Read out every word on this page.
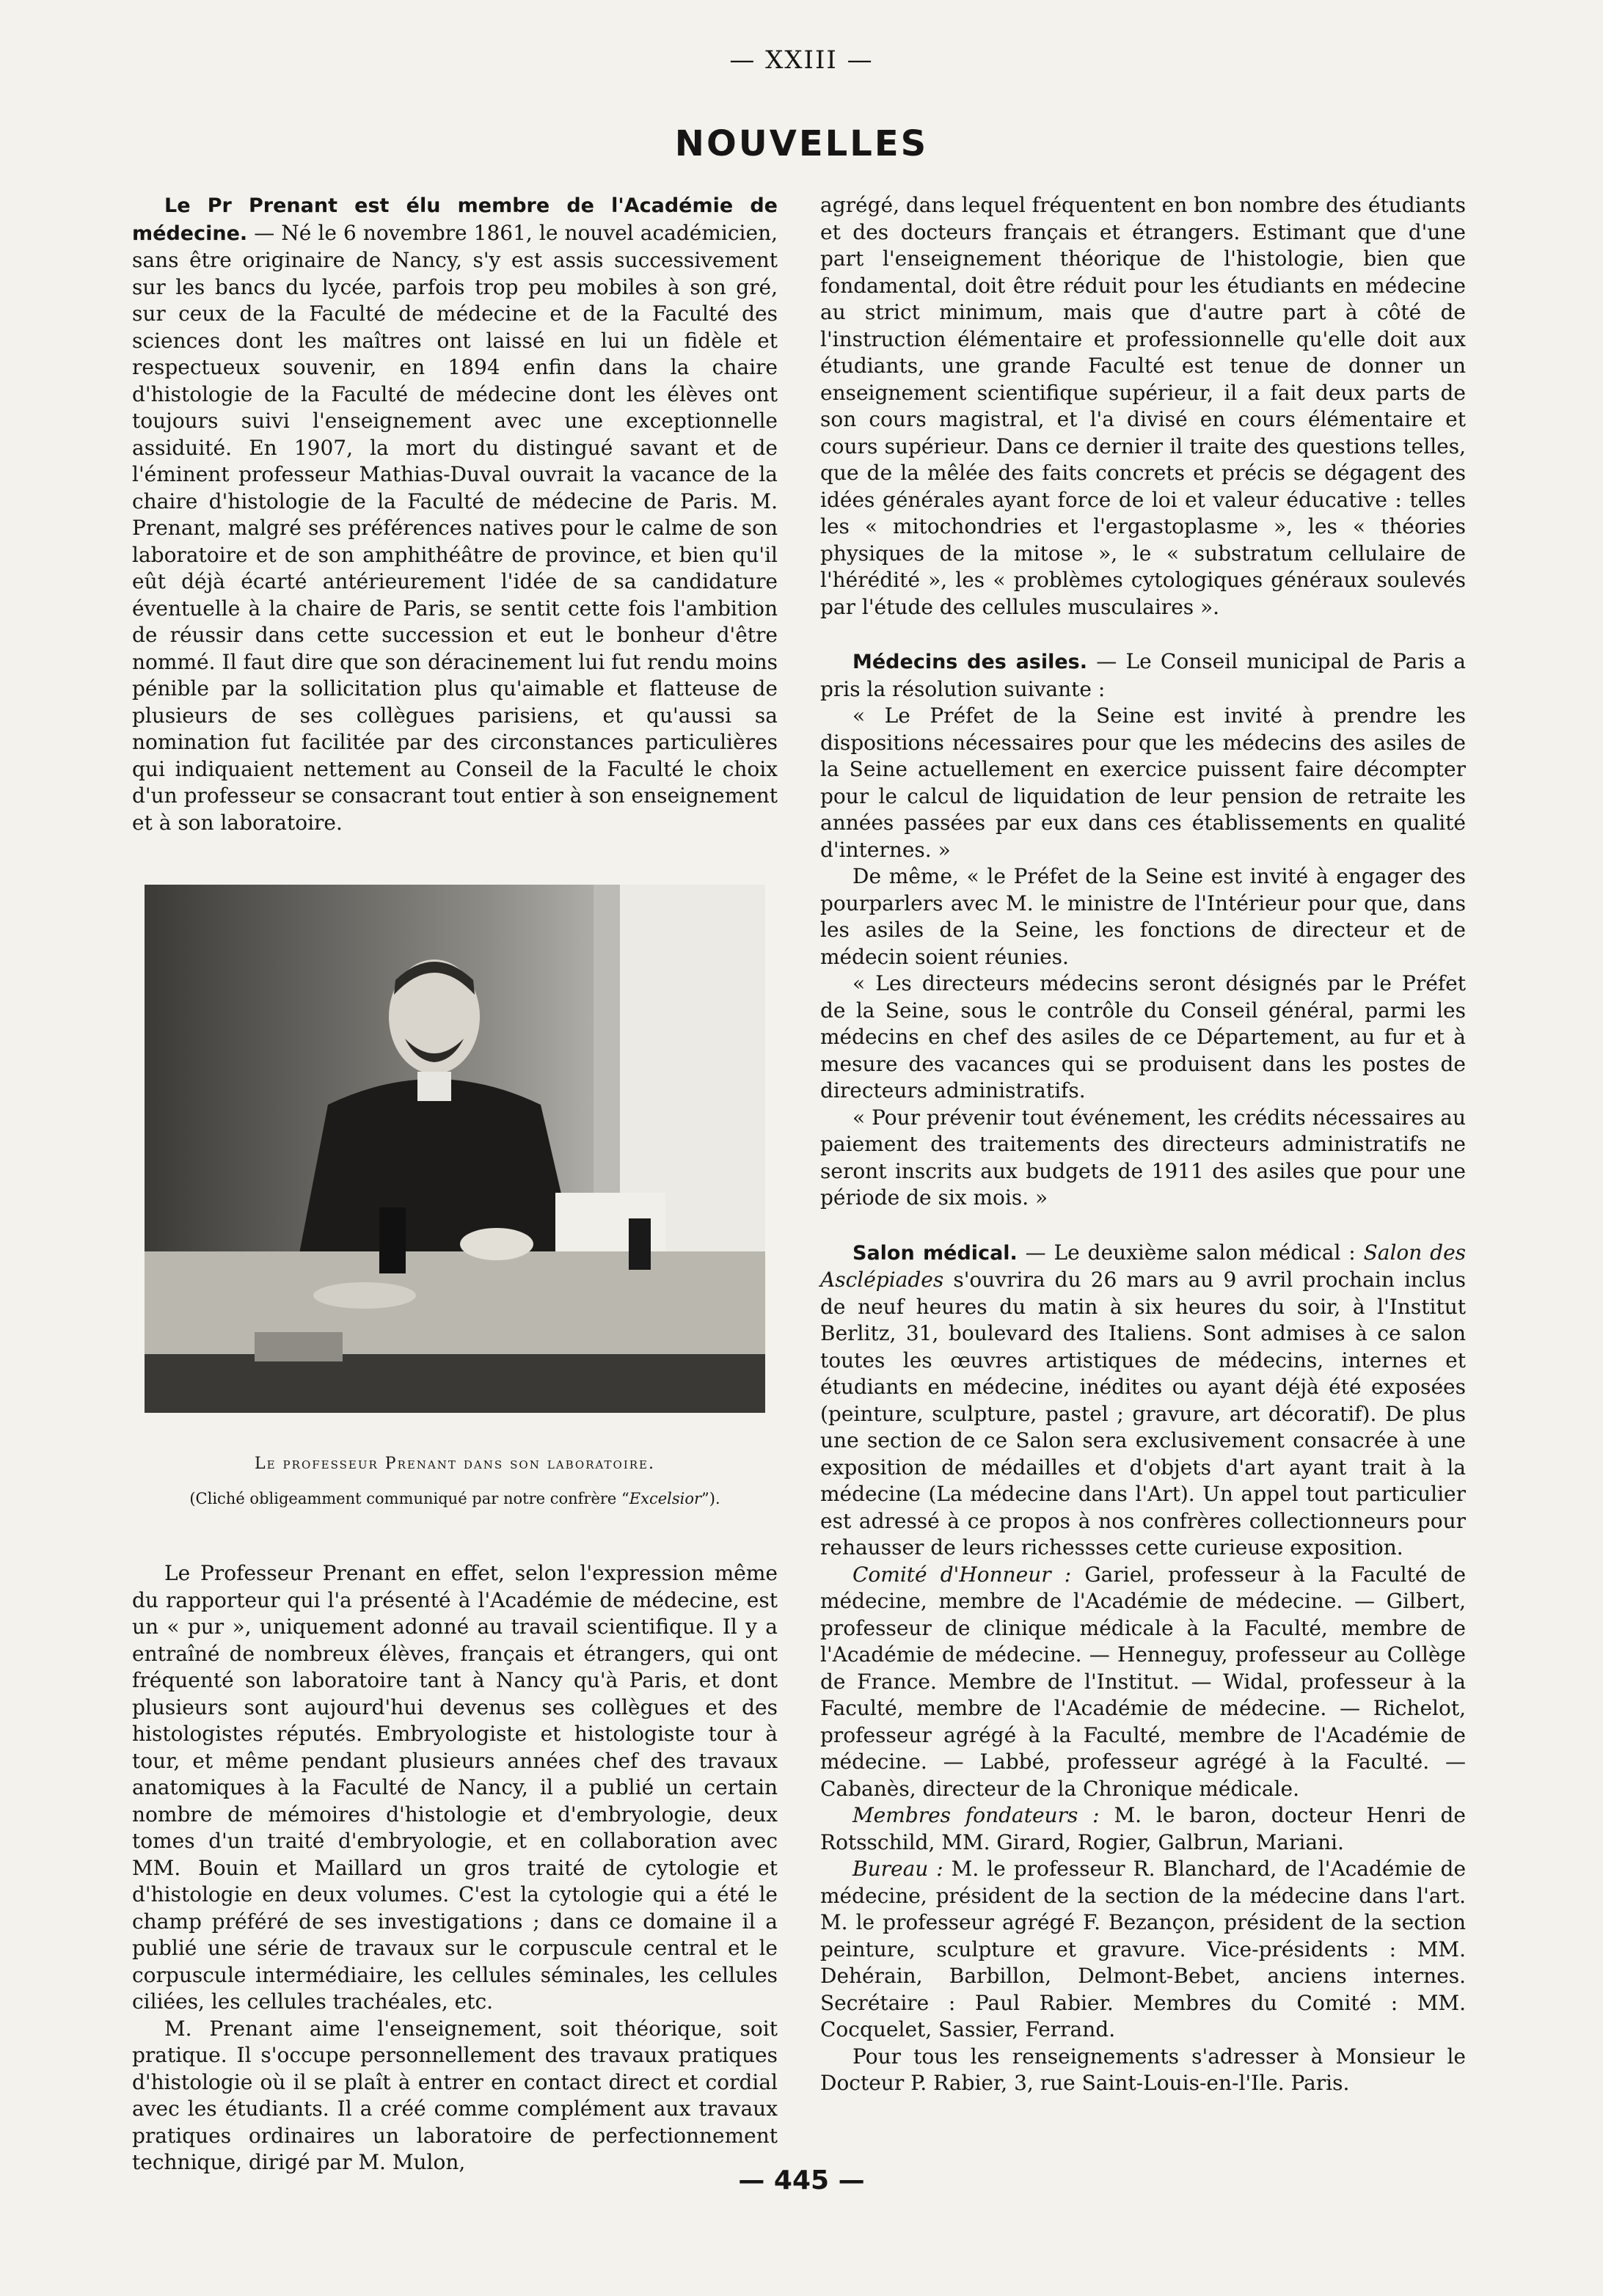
— XXIII —
NOUVELLES

Le Pr Prenant est élu membre de l'Académie de médecine. — Né le 6 novembre 1861, le nouvel académicien, sans être originaire de Nancy, s'y est assis successivement sur les bancs du lycée, parfois trop peu mobiles à son gré, sur ceux de la Faculté de médecine et de la Faculté des sciences dont les maîtres ont laissé en lui un fidèle et respectueux souvenir, en 1894 enfin dans la chaire d'histologie de la Faculté de médecine dont les élèves ont toujours suivi l'enseignement avec une exceptionnelle assiduité. En 1907, la mort du distingué savant et de l'éminent professeur Mathias-Duval ouvrait la vacance de la chaire d'histologie de la Faculté de médecine de Paris. M. Prenant, malgré ses préférences natives pour le calme de son laboratoire et de son amphithéâtre de province, et bien qu'il eût déjà écarté antérieurement l'idée de sa candidature éventuelle à la chaire de Paris, se sentit cette fois l'ambition de réussir dans cette succession et eut le bonheur d'être nommé. Il faut dire que son déracinement lui fut rendu moins pénible par la sollicitation plus qu'aimable et flatteuse de plusieurs de ses collègues parisiens, et qu'aussi sa nomination fut facilitée par des circonstances particulières qui indiquaient nettement au Conseil de la Faculté le choix d'un professeur se consacrant tout entier à son enseignement et à son laboratoire.

Le professeur Prenant dans son laboratoire.
(Cliché obligeamment communiqué par notre confrère “Excelsior”).

Le Professeur Prenant en effet, selon l'expression même du rapporteur qui l'a présenté à l'Académie de médecine, est un « pur », uniquement adonné au travail scientifique. Il y a entraîné de nombreux élèves, français et étrangers, qui ont fréquenté son laboratoire tant à Nancy qu'à Paris, et dont plusieurs sont aujourd'hui devenus ses collègues et des histologistes réputés. Embryologiste et histologiste tour à tour, et même pendant plusieurs années chef des travaux anatomiques à la Faculté de Nancy, il a publié un certain nombre de mémoires d'histologie et d'embryologie, deux tomes d'un traité d'embryologie, et en collaboration avec MM. Bouin et Maillard un gros traité de cytologie et d'histologie en deux volumes. C'est la cytologie qui a été le champ préféré de ses investigations ; dans ce domaine il a publié une série de travaux sur le corpuscule central et le corpuscule intermédiaire, les cellules séminales, les cellules ciliées, les cellules trachéales, etc.

M. Prenant aime l'enseignement, soit théorique, soit pratique. Il s'occupe personnellement des travaux pratiques d'histologie où il se plaît à entrer en contact direct et cordial avec les étudiants. Il a créé comme complément aux travaux pratiques ordinaires un laboratoire de perfectionnement technique, dirigé par M. Mulon,

agrégé, dans lequel fréquentent en bon nombre des étudiants et des docteurs français et étrangers. Estimant que d'une part l'enseignement théorique de l'histologie, bien que fondamental, doit être réduit pour les étudiants en médecine au strict minimum, mais que d'autre part à côté de l'instruction élémentaire et professionnelle qu'elle doit aux étudiants, une grande Faculté est tenue de donner un enseignement scientifique supérieur, il a fait deux parts de son cours magistral, et l'a divisé en cours élémentaire et cours supérieur. Dans ce dernier il traite des questions telles, que de la mêlée des faits concrets et précis se dégagent des idées générales ayant force de loi et valeur éducative : telles les « mitochondries et l'ergastoplasme », les « théories physiques de la mitose », le « substratum cellulaire de l'hérédité », les « problèmes cytologiques généraux soulevés par l'étude des cellules musculaires ».

Médecins des asiles. — Le Conseil municipal de Paris a pris la résolution suivante :

« Le Préfet de la Seine est invité à prendre les dispositions nécessaires pour que les médecins des asiles de la Seine actuellement en exercice puissent faire décompter pour le calcul de liquidation de leur pension de retraite les années passées par eux dans ces établissements en qualité d'internes. »

De même, « le Préfet de la Seine est invité à engager des pourparlers avec M. le ministre de l'Intérieur pour que, dans les asiles de la Seine, les fonctions de directeur et de médecin soient réunies.

« Les directeurs médecins seront désignés par le Préfet de la Seine, sous le contrôle du Conseil général, parmi les médecins en chef des asiles de ce Département, au fur et à mesure des vacances qui se produisent dans les postes de directeurs administratifs.

« Pour prévenir tout événement, les crédits nécessaires au paiement des traitements des directeurs administratifs ne seront inscrits aux budgets de 1911 des asiles que pour une période de six mois. »

Salon médical. — Le deuxième salon médical : Salon des Asclépiades s'ouvrira du 26 mars au 9 avril prochain inclus de neuf heures du matin à six heures du soir, à l'Institut Berlitz, 31, boulevard des Italiens. Sont admises à ce salon toutes les œuvres artistiques de médecins, internes et étudiants en médecine, inédites ou ayant déjà été exposées (peinture, sculpture, pastel ; gravure, art décoratif). De plus une section de ce Salon sera exclusivement consacrée à une exposition de médailles et d'objets d'art ayant trait à la médecine (La médecine dans l'Art). Un appel tout particulier est adressé à ce propos à nos confrères collectionneurs pour rehausser de leurs richessses cette curieuse exposition.

Comité d'Honneur : Gariel, professeur à la Faculté de médecine, membre de l'Académie de médecine. — Gilbert, professeur de clinique médicale à la Faculté, membre de l'Académie de médecine. — Henneguy, professeur au Collège de France. Membre de l'Institut. — Widal, professeur à la Faculté, membre de l'Académie de médecine. — Richelot, professeur agrégé à la Faculté, membre de l'Académie de médecine. — Labbé, professeur agrégé à la Faculté. — Cabanès, directeur de la Chronique médicale.

Membres fondateurs : M. le baron, docteur Henri de Rotsschild, MM. Girard, Rogier, Galbrun, Mariani.

Bureau : M. le professeur R. Blanchard, de l'Académie de médecine, président de la section de la médecine dans l'art. M. le professeur agrégé F. Bezançon, président de la section peinture, sculpture et gravure. Vice-présidents : MM. Dehérain, Barbillon, Delmont-Bebet, anciens internes. Secrétaire : Paul Rabier. Membres du Comité : MM. Cocquelet, Sassier, Ferrand.

Pour tous les renseignements s'adresser à Monsieur le Docteur P. Rabier, 3, rue Saint-Louis-en-l'Ile. Paris.

— 445 —
